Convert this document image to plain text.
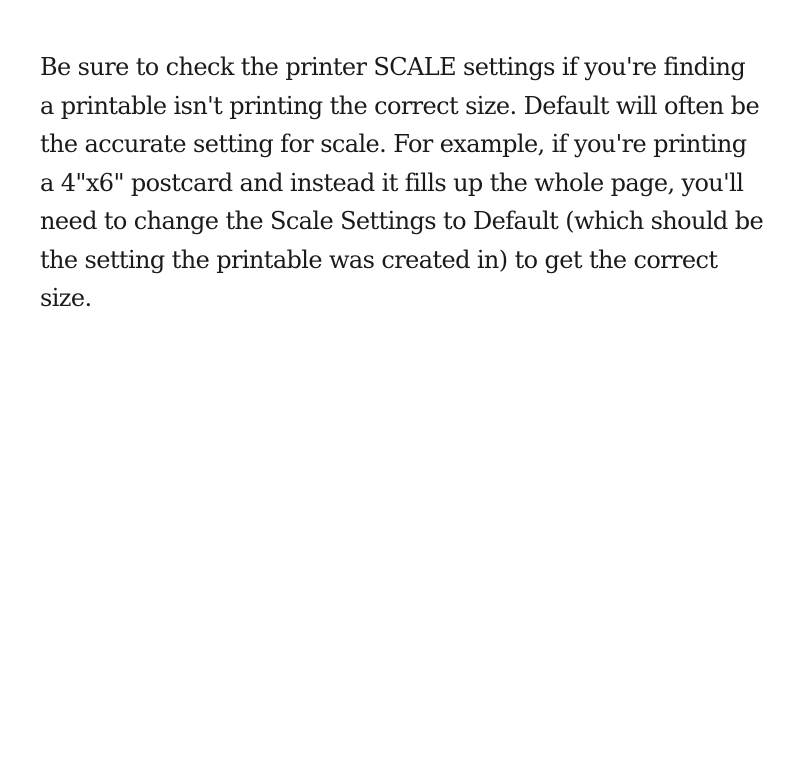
Be sure to check the printer SCALE settings if you're finding
a printable isn't printing the correct size. Default will often be
the accurate setting for scale. For example, if you're printing
a 4"x6" postcard and instead it fills up the whole page, you'll
need to change the Scale Settings to Default (which should be
the setting the printable was created in) to get the correct
size.
